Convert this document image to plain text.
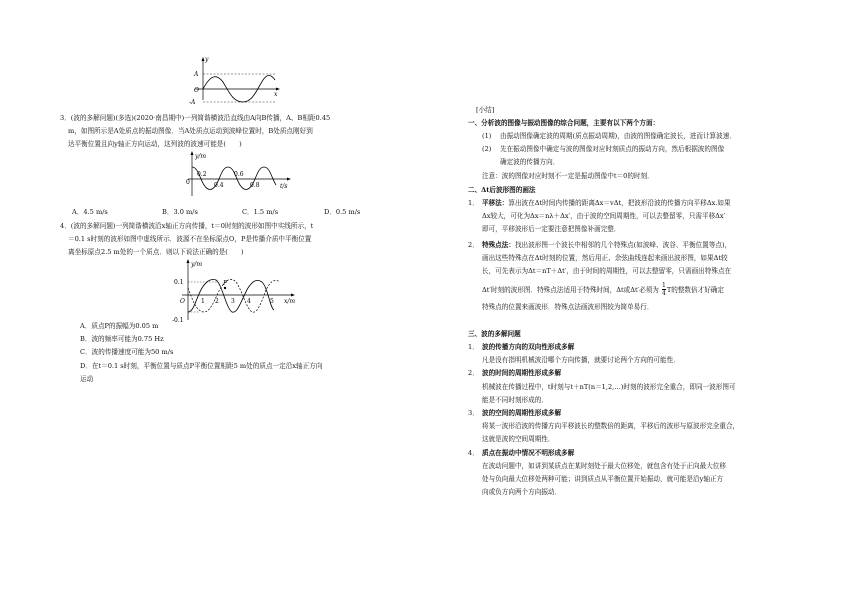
y
x
A
O
-A
3．(波的多解问题)(多选)(2020·南昌期中)一列简谐横波沿直线由A向B传播，A、B相距0.45
m，如图所示是A处质点的振动图像．当A处质点运动到波峰位置时，B处质点刚好到
达平衡位置且向y轴正方向运动，这列波的波速可能是(　　)
y/m
t/s
0
0.2
0.4
0.6
0.8
A．4.5 m/s	B．3.0 m/s	C．1.5 m/s	D．0.5 m/s
4．(波的多解问题)一列简谐横波沿x轴正方向传播，t＝0时刻的波形如图中实线所示，t
＝0.1 s时刻的波形如图中虚线所示．波源不在坐标原点O，P是传播介质中平衡位置
离坐标原点2.5 m处的一个质点．则以下说法正确的是(　　)
y/m
x/m
0.1
-0.1
O
P
1 2 3 4	5
A．质点P的振幅为0.05 m
B．波的频率可能为0.75 Hz
C．波的传播速度可能为50 m/s
D．在t＝0.1 s时刻，平衡位置与质点P平衡位置相距5 m处的质点一定沿x轴正方向
运动
[小结]
一、分析波的图像与振动图像的综合问题，主要有以下两个方面：
(1) 由振动图像确定波的周期(质点振动周期)，由波的图像确定波长，进而计算波速．
(2) 先在振动图像中确定与波的图像对应时刻质点的振动方向，然后根据波的图像
确定波的传播方向．
注意：波的图像对应时刻不一定是振动图像中t＝0的时刻．
二、Δt后波形图的画法
1． 平移法：算出波在Δt时间内传播的距离Δx＝vΔt，把波形沿波的传播方向平移Δx.如果
Δx较大，可化为Δx＝nλ＋Δx′，由于波的空间周期性，可以去整留零，只需平移Δx′
即可，平移波形后一定要注意把图像补画完整．
2． 特殊点法：找出波形图一个波长中相邻的几个特殊点(如波峰、波谷、平衡位置等点)，
画出这些特殊点在Δt时刻的位置，然后用正、余弦曲线连起来画出波形图，如果Δt较
长，可先表示为Δt＝nT＋Δt′，由于时间的周期性，可以去整留零，只需画出特殊点在
Δt′时刻的波形图．特殊点法适用于特殊时间，Δt或Δt′必须为 $\frac{1}{4}$ T的整数倍才好确定
特殊点的位置来画波形．特殊点法画波形图较为简单易行．
三、波的多解问题
1． 波的传播方向的双向性形成多解
凡是没有指明机械波沿哪个方向传播，就要讨论两个方向的可能性．
2． 波的时间的周期性形成多解
机械波在传播过程中，t时刻与t＋nT(n＝1,2,…)时刻的波形完全重合，即同一波形图可
能是不同时刻形成的．
3． 波的空间的周期性形成多解
将某一波形沿波的传播方向平移波长的整数倍的距离，平移后的波形与原波形完全重合，
这就是波的空间周期性．
4． 质点在振动中情况不明形成多解
在波动问题中，如讲到某质点在某时刻处于最大位移处，就包含有处于正向最大位移
处与负向最大位移处两种可能；讲到质点从平衡位置开始振动，就可能是沿y轴正方
向或负方向两个方向振动．
